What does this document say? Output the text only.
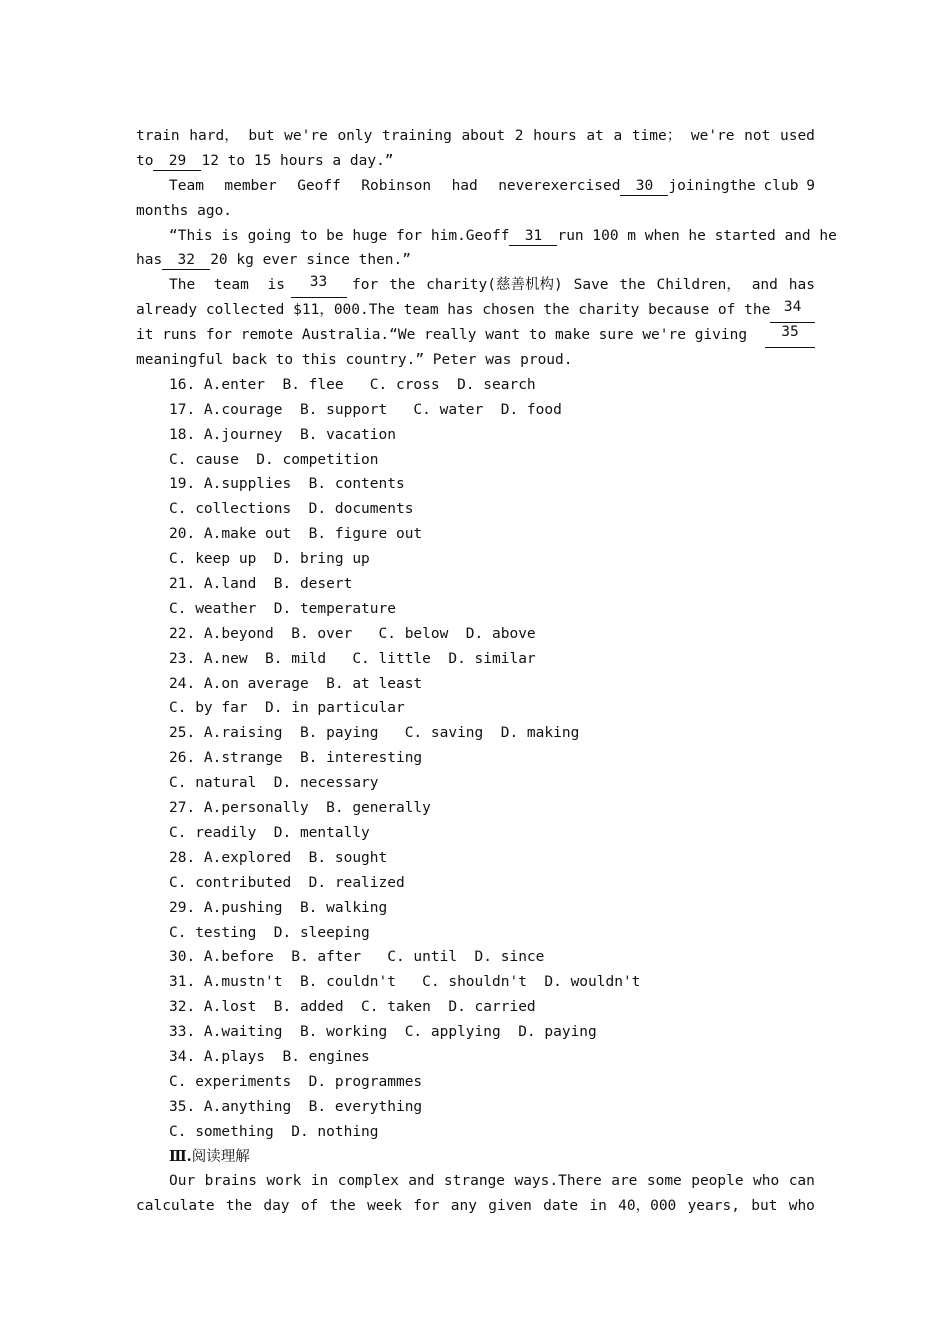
train hard， but we're only training about 2 hours at a time； we're not used
to 29 12 to 15 hours a day.”
Team member Geoff Robinson had never exercised 30 joining the club 9
months ago.
“This is going to be huge for him.Geoff 31	run 100 m when he started and he
has 32 20 kg ever since then.”
The team is	33	for the charity(慈善机构) Save the Children， and has
already collected $11，000.The team has chosen the charity because of the 34
it runs for remote Australia.“We really want to make sure we're giving	35
meaningful back to this country.” Peter was proud.
16. A.enter  B. flee   C. cross  D. search
17. A.courage  B. support   C. water  D. food
18. A.journey  B. vacation
C. cause  D. competition
19. A.supplies  B. contents
C. collections  D. documents
20. A.make out  B. figure out
C. keep up  D. bring up
21. A.land  B. desert
C. weather  D. temperature
22. A.beyond  B. over   C. below  D. above
23. A.new  B. mild   C. little  D. similar
24. A.on average  B. at least
C. by far  D. in particular
25. A.raising  B. paying   C. saving  D. making
26. A.strange  B. interesting
C. natural  D. necessary
27. A.personally  B. generally
C. readily  D. mentally
28. A.explored  B. sought
C. contributed  D. realized
29. A.pushing  B. walking
C. testing  D. sleeping
30. A.before  B. after   C. until  D. since
31. A.mustn't  B. couldn't   C. shouldn't  D. wouldn't
32. A.lost  B. added  C. taken  D. carried
33. A.waiting  B. working  C. applying  D. paying
34. A.plays  B. engines
C. experiments  D. programmes
35. A.anything  B. everything
C. something  D. nothing
Ⅲ.阅读理解
Our brains work in complex and strange ways.There are some people who can
calculate the day of the week for any given date in 40，000 years, but who
